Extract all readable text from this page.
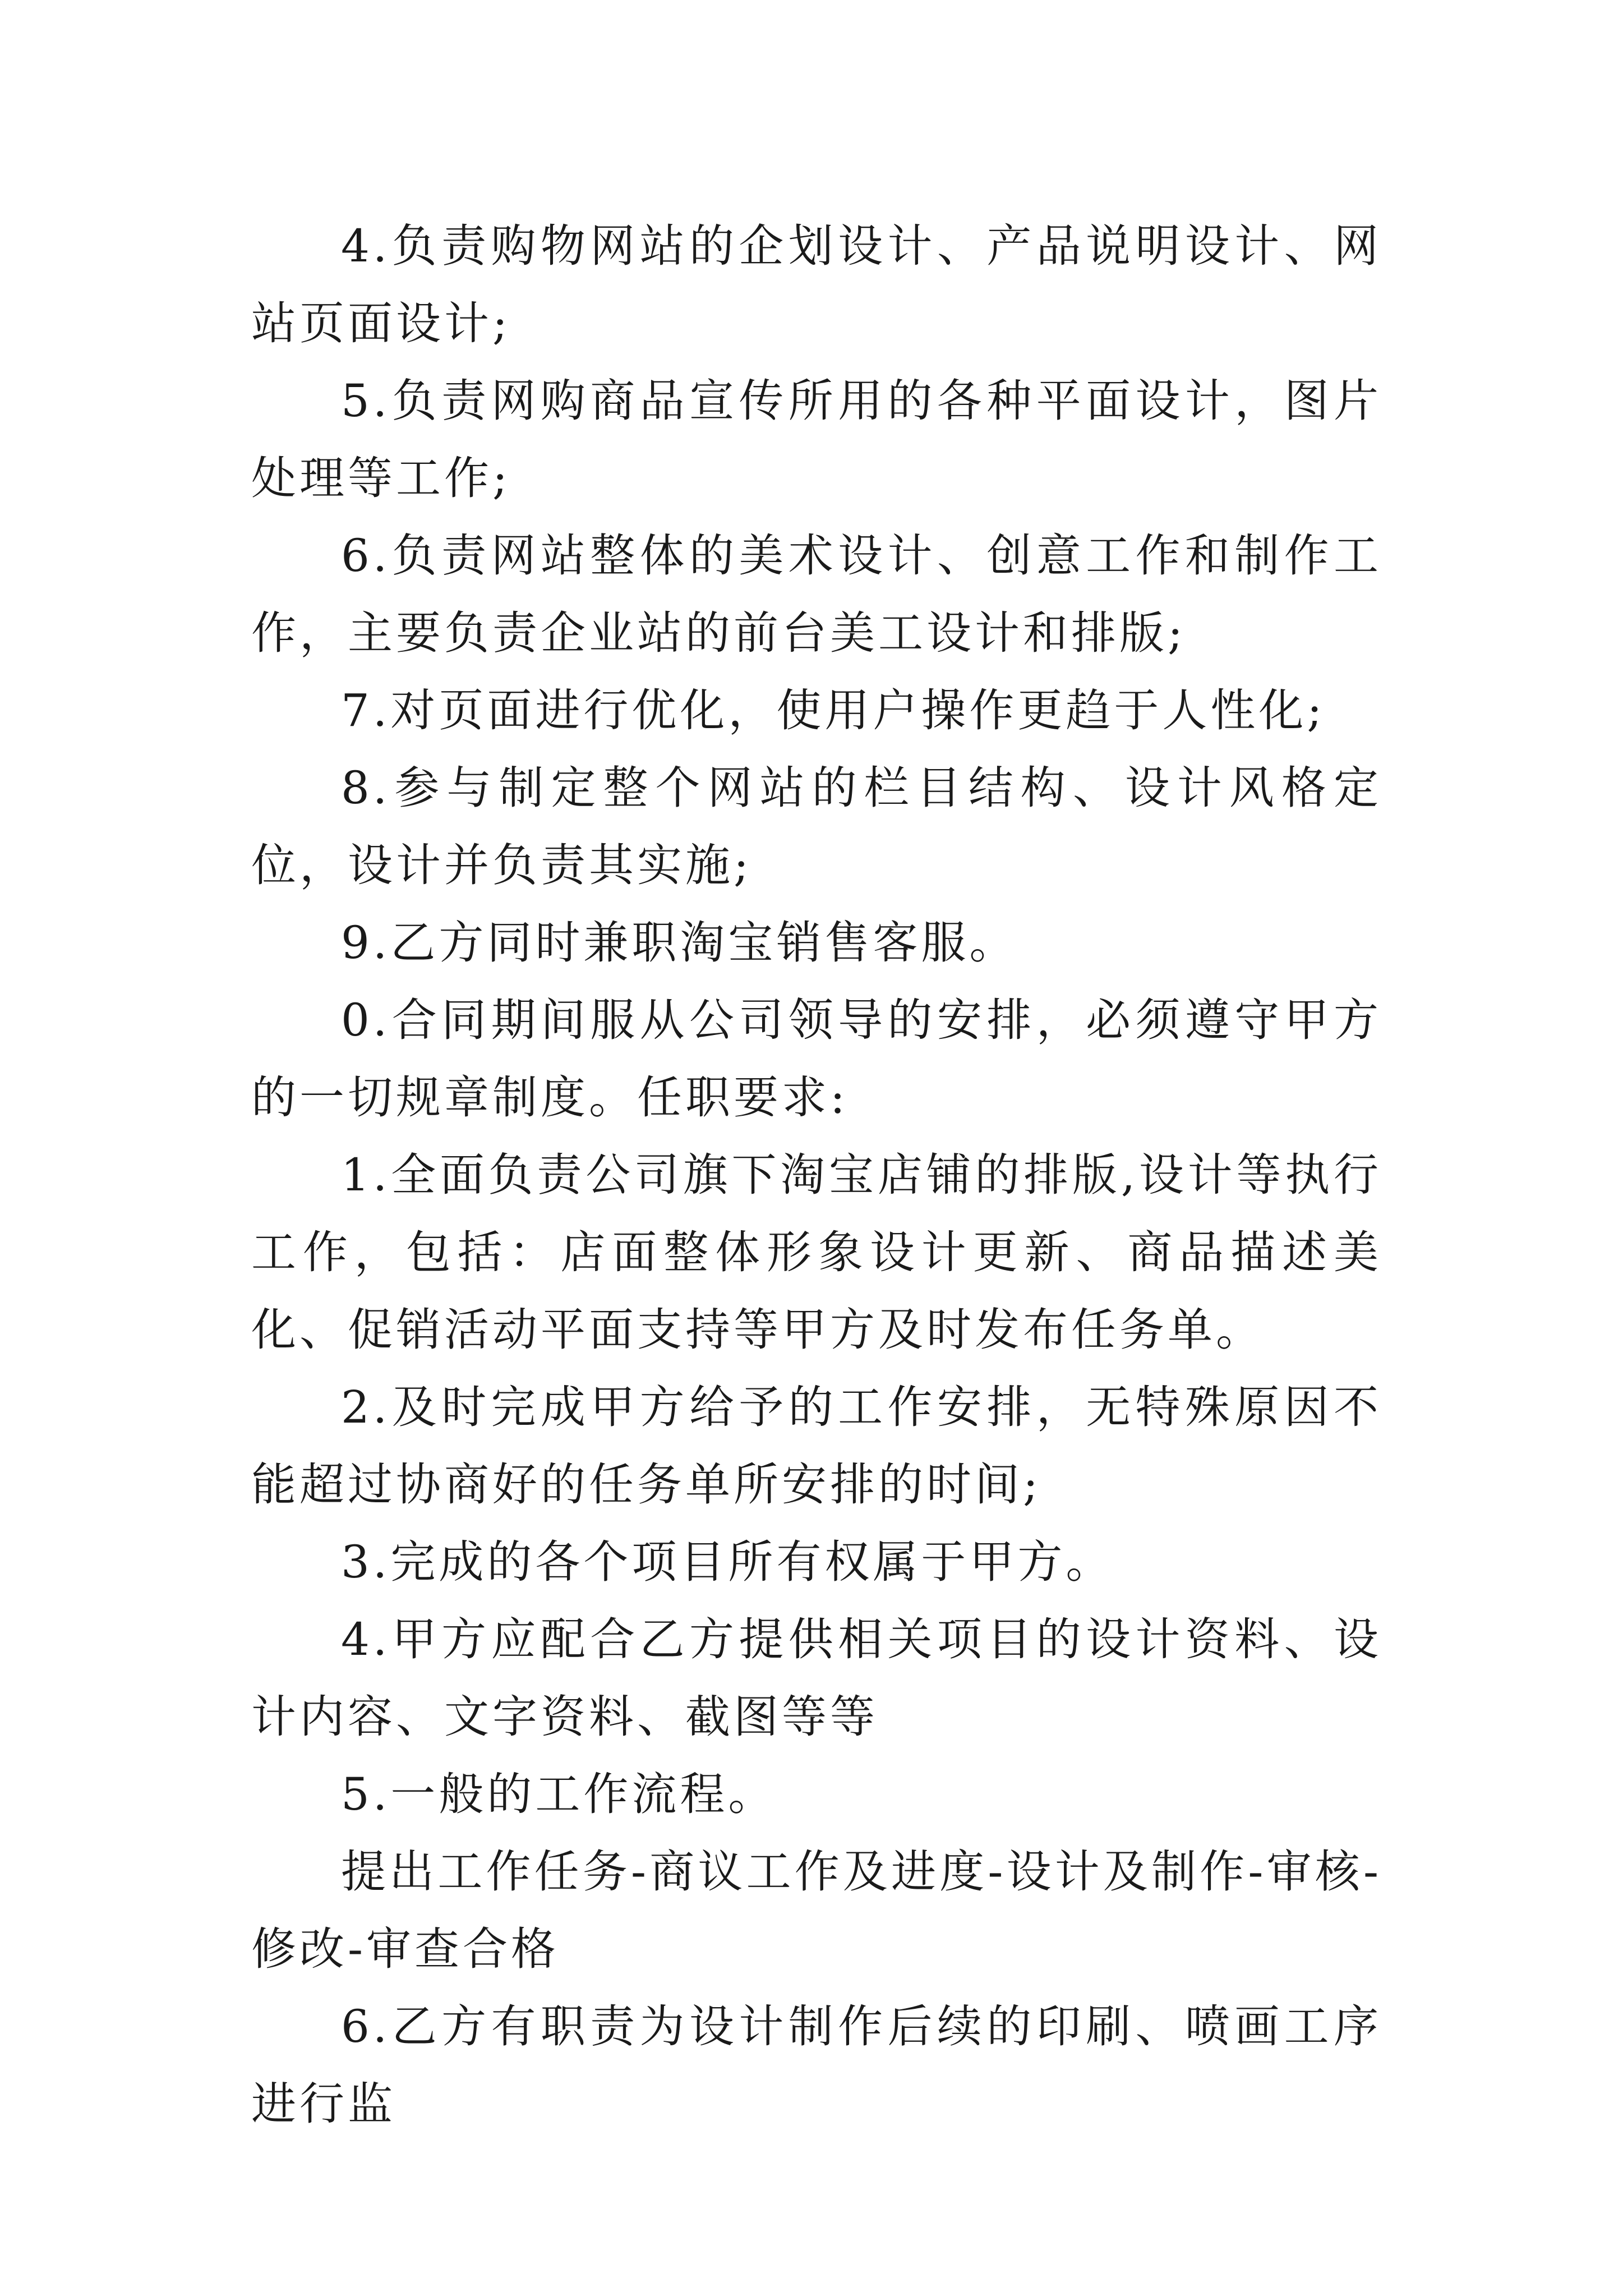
4.负责购物网站的企划设计、产品说明设计、网站页面设计;

5.负责网购商品宣传所用的各种平面设计，图片处理等工作;

6.负责网站整体的美术设计、创意工作和制作工作，主要负责企业站的前台美工设计和排版;

7.对页面进行优化，使用户操作更趋于人性化;

8.参与制定整个网站的栏目结构、设计风格定位，设计并负责其实施;

9.乙方同时兼职淘宝销售客服。

0.合同期间服从公司领导的安排，必须遵守甲方的一切规章制度。任职要求:

1.全面负责公司旗下淘宝店铺的排版,设计等执行工作，包括：店面整体形象设计更新、商品描述美化、促销活动平面支持等甲方及时发布任务单。

2.及时完成甲方给予的工作安排，无特殊原因不能超过协商好的任务单所安排的时间;

3.完成的各个项目所有权属于甲方。

4.甲方应配合乙方提供相关项目的设计资料、设计内容、文字资料、截图等等

5.一般的工作流程。

提出工作任务-商议工作及进度-设计及制作-审核-修改-审查合格

6.乙方有职责为设计制作后续的印刷、喷画工序进行监
